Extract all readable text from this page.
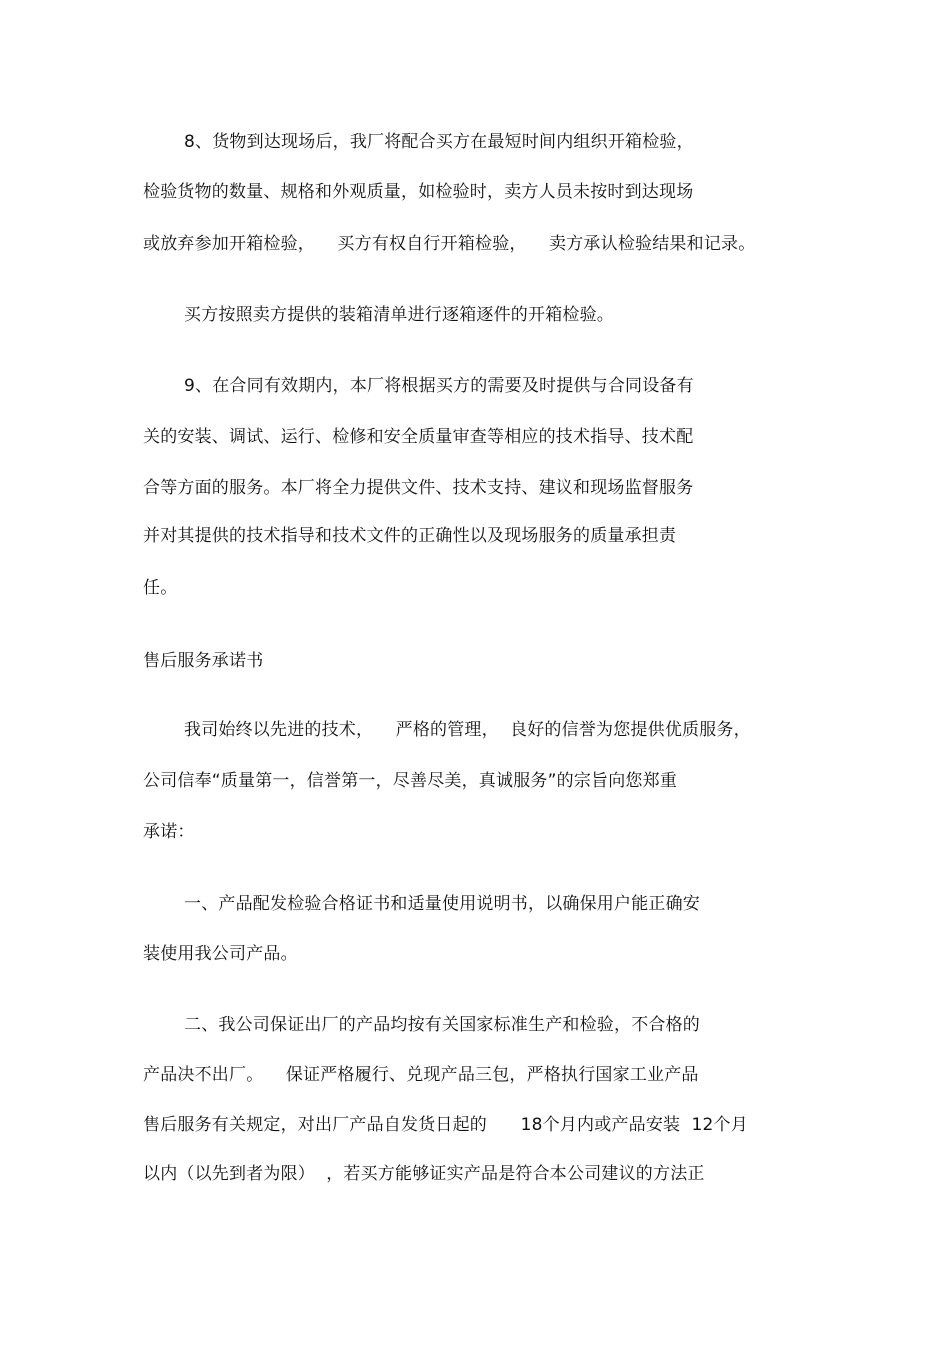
8、货物到达现场后，我厂将配合买方在最短时间内组织开箱检验，
检验货物的数量、规格和外观质量，如检验时，卖方人员未按时到达现场
或放弃参加开箱检验，    买方有权自行开箱检验，    卖方承认检验结果和记录。
买方按照卖方提供的装箱清单进行逐箱逐件的开箱检验。
9、在合同有效期内，本厂将根据买方的需要及时提供与合同设备有
关的安装、调试、运行、检修和安全质量审查等相应的技术指导、技术配
合等方面的服务。本厂将全力提供文件、技术支持、建议和现场监督服务
并对其提供的技术指导和技术文件的正确性以及现场服务的质量承担责
任。
售后服务承诺书
我司始终以先进的技术，    严格的管理，  良好的信誉为您提供优质服务，
公司信奉“质量第一，信誉第一，尽善尽美，真诚服务”的宗旨向您郑重
承诺：
一、产品配发检验合格证书和适量使用说明书，以确保用户能正确安
装使用我公司产品。
二、我公司保证出厂的产品均按有关国家标准生产和检验，不合格的
产品决不出厂。    保证严格履行、兑现产品三包，严格执行国家工业产品
售后服务有关规定，对出厂产品自发货日起的      18个月内或产品安装  12个月
以内（以先到者为限）  ，若买方能够证实产品是符合本公司建议的方法正
